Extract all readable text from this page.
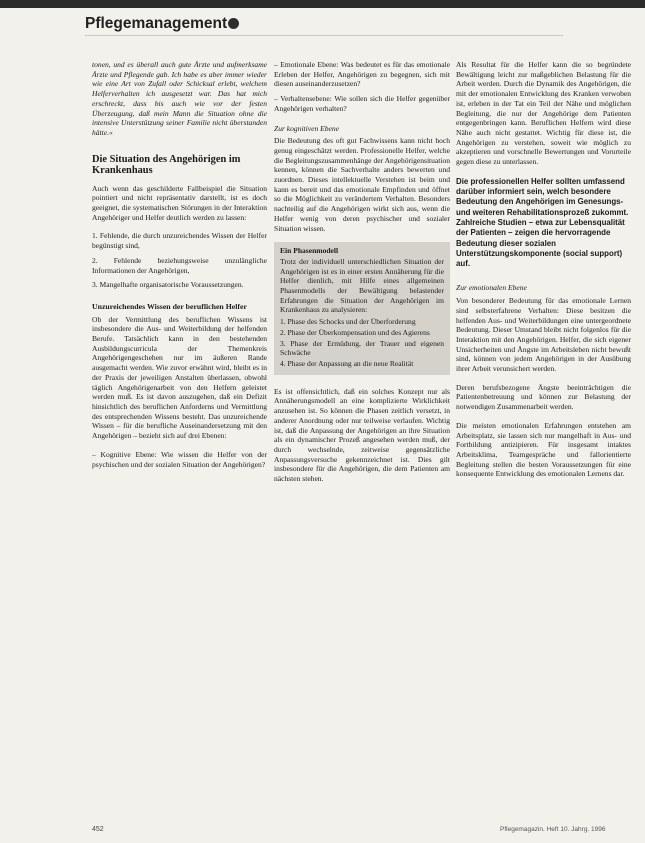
Pflegemanagement

tonen, und es überall auch gute Ärzte und aufmerksame Ärzte und Pflegende gab. Ich habe es aber immer wieder wie eine Art von Zufall oder Schicksal erlebt, welchem Helferverhalten ich ausgesetzt war. Das hat mich erschreckt, dass bis auch wie vor der festen Überzeugung, daß mein Mann die Situation ohne die intensive Unterstützung seiner Familie nicht überstanden hätte.«

Die Situation des Angehörigen im Krankenhaus

Auch wenn das geschilderte Fallbeispiel die Situation pointiert und nicht repräsentativ darstellt, ist es doch geeignet, die systematischen Störungen in der Interaktion Angehöriger und Helfer deutlich werden zu lassen:

1. Fehlende, die durch unzureichendes Wissen der Helfer begünstigt sind,
2. Fehlende beziehungsweise unzulängliche Informationen der Angehörigen,
3. Mangelhafte organisatorische Voraussetzungen.
Unzureichendes Wissen der beruflichen Helfer

Ob der Vermittlung des beruflichen Wissens ist insbesondere die Aus- und Weiterbildung der helfenden Berufe. Tatsächlich kann in den bestehenden Ausbildungscurricula der Themenkreis Angehörigengeschehen nur im äußeren Rande ausgemacht werden. Wie zuvor erwähnt wird, bleibt es in der Praxis der jeweiligen Anstalten überlassen, obwohl täglich Angehörigenarbeit von den Helfern geleistet werden muß. Es ist davon auszugehen, daß ein Defizit hinsichtlich des beruflichen Anforderns und Vermittlung des entsprechenden Wissens besteht. Das unzureichende Wissen – für die berufliche Auseinandersetzung mit den Angehörigen – bezieht sich auf drei Ebenen:

– Kognitive Ebene: Wie wissen die Helfer von der psychischen und der sozialen Situation der Angehörigen?
– Emotionale Ebene: Was bedeutet es für das emotionale Erleben der Helfer, Angehörigen zu begegnen, sich mit diesen auseinanderzusetzen?
– Verhaltensebene: Wie sollen sich die Helfer gegenüber Angehörigen verhalten?
Zur kognitiven Ebene

Die Bedeutung des oft gut Fachwissens kann nicht hoch genug eingeschätzt werden. Professionelle Helfer, welche die Begleitungszusammenhänge der Angehörigensituation kennen, können die Sachverhalte anders bewerten und zuordnen. Dieses intellektuelle Verstehen ist beim und kann es bereit und das emotionale Empfinden und öffnet so die Möglichkeit zu verändertem Verhalten. Besonders nachteilig auf die Angehörigen wirkt sich aus, wenn die Helfer wenig von deren psychischer und sozialer Situation wissen.

Ein Phasenmodell
Trotz der individuell unterschiedlichen Situation der Angehörigen ist es in einer ersten Annäherung für die Helfer dienlich, mit Hilfe eines allgemeinen Phasenmodells der Bewältigung belastender Erfahrungen die Situation der Angehörigen im Krankenhaus zu analysieren:
1. Phase des Schocks und der Überforderung
2. Phase der Überkompensation und des Agierens
3. Phase der Ermüdung, der Trauer und eigenen Schwäche
4. Phase der Anpassung an die neue Realität

Es ist offensichtlich, daß ein solches Konzept nur als Annäherungsmodell an eine komplizierte Wirklichkeit anzusehen ist. So können die Phasen zeitlich versetzt, in anderer Anordnung oder nur teilweise verlaufen. Wichtig ist, daß die Anpassung der Angehörigen an ihre Situation als ein dynamischer Prozeß angesehen werden muß, der durch wechselnde, zeitweise gegensätzliche Anpassungsversuche gekennzeichnet ist. Dies gilt insbesondere für die Angehörigen, die dem Patienten am nächsten stehen.

Als Resultat für die Helfer kann die so begründete Bewältigung leicht zur maßgeblichen Belastung für die Arbeit werden. Durch die Dynamik des Angehörigen, die mit der emotionalen Entwicklung des Kranken verwoben ist, erleben in der Tat ein Teil der Nähe und möglichen Begleitung, die nur der Angehörige dem Patienten entgegenbringen kann. Beruflichen Helfern wird diese Nähe auch nicht gestattet. Wichtig für diese ist, die Angehörigen zu verstehen, soweit wie möglich zu akzeptieren und vorschnelle Bewertungen und Vorurteile gegen diese zu unterlassen.

Die professionellen Helfer sollten umfassend darüber informiert sein, welch besondere Bedeutung den Angehörigen im Genesungs- und weiteren Rehabilitationsprozeß zukommt. Zahlreiche Studien – etwa zur Lebensqualität der Patienten – zeigen die hervorragende Bedeutung dieser sozialen Unterstützungskomponente (social support) auf.
Zur emotionalen Ebene

Von besonderer Bedeutung für das emotionale Lernen sind selbsterfahrene Verhalten: Diese besitzen die helfenden Aus- und Weiterbildungen eine untergeordnete Bedeutung. Dieser Umstand bleibt nicht folgenlos für die Interaktion mit den Angehörigen. Helfer, die sich eigener Unsicherheiten und Ängste im Arbeitsleben nicht bewußt sind, können von jedem Angehörigen in der Ausübung ihrer Arbeit verunsichert werden.

Deren berufsbezogene Ängste beeinträchtigen die Patientenbetreuung und können zur Belastung der notwendigen Zusammenarbeit werden.

Die meisten emotionalen Erfahrungen entstehen am Arbeitsplatz, sie lassen sich nur mangelhaft in Aus- und Fortbildung antizipieren. Für insgesamt intaktes Arbeitsklima, Teamgespräche und fallorientierte Begleitung stellen die besten Voraussetzungen für eine konsequente Entwicklung des emotionalen Lernens dar.

452	Pflegemagazin. Heft 10. Jahrg. 1996
